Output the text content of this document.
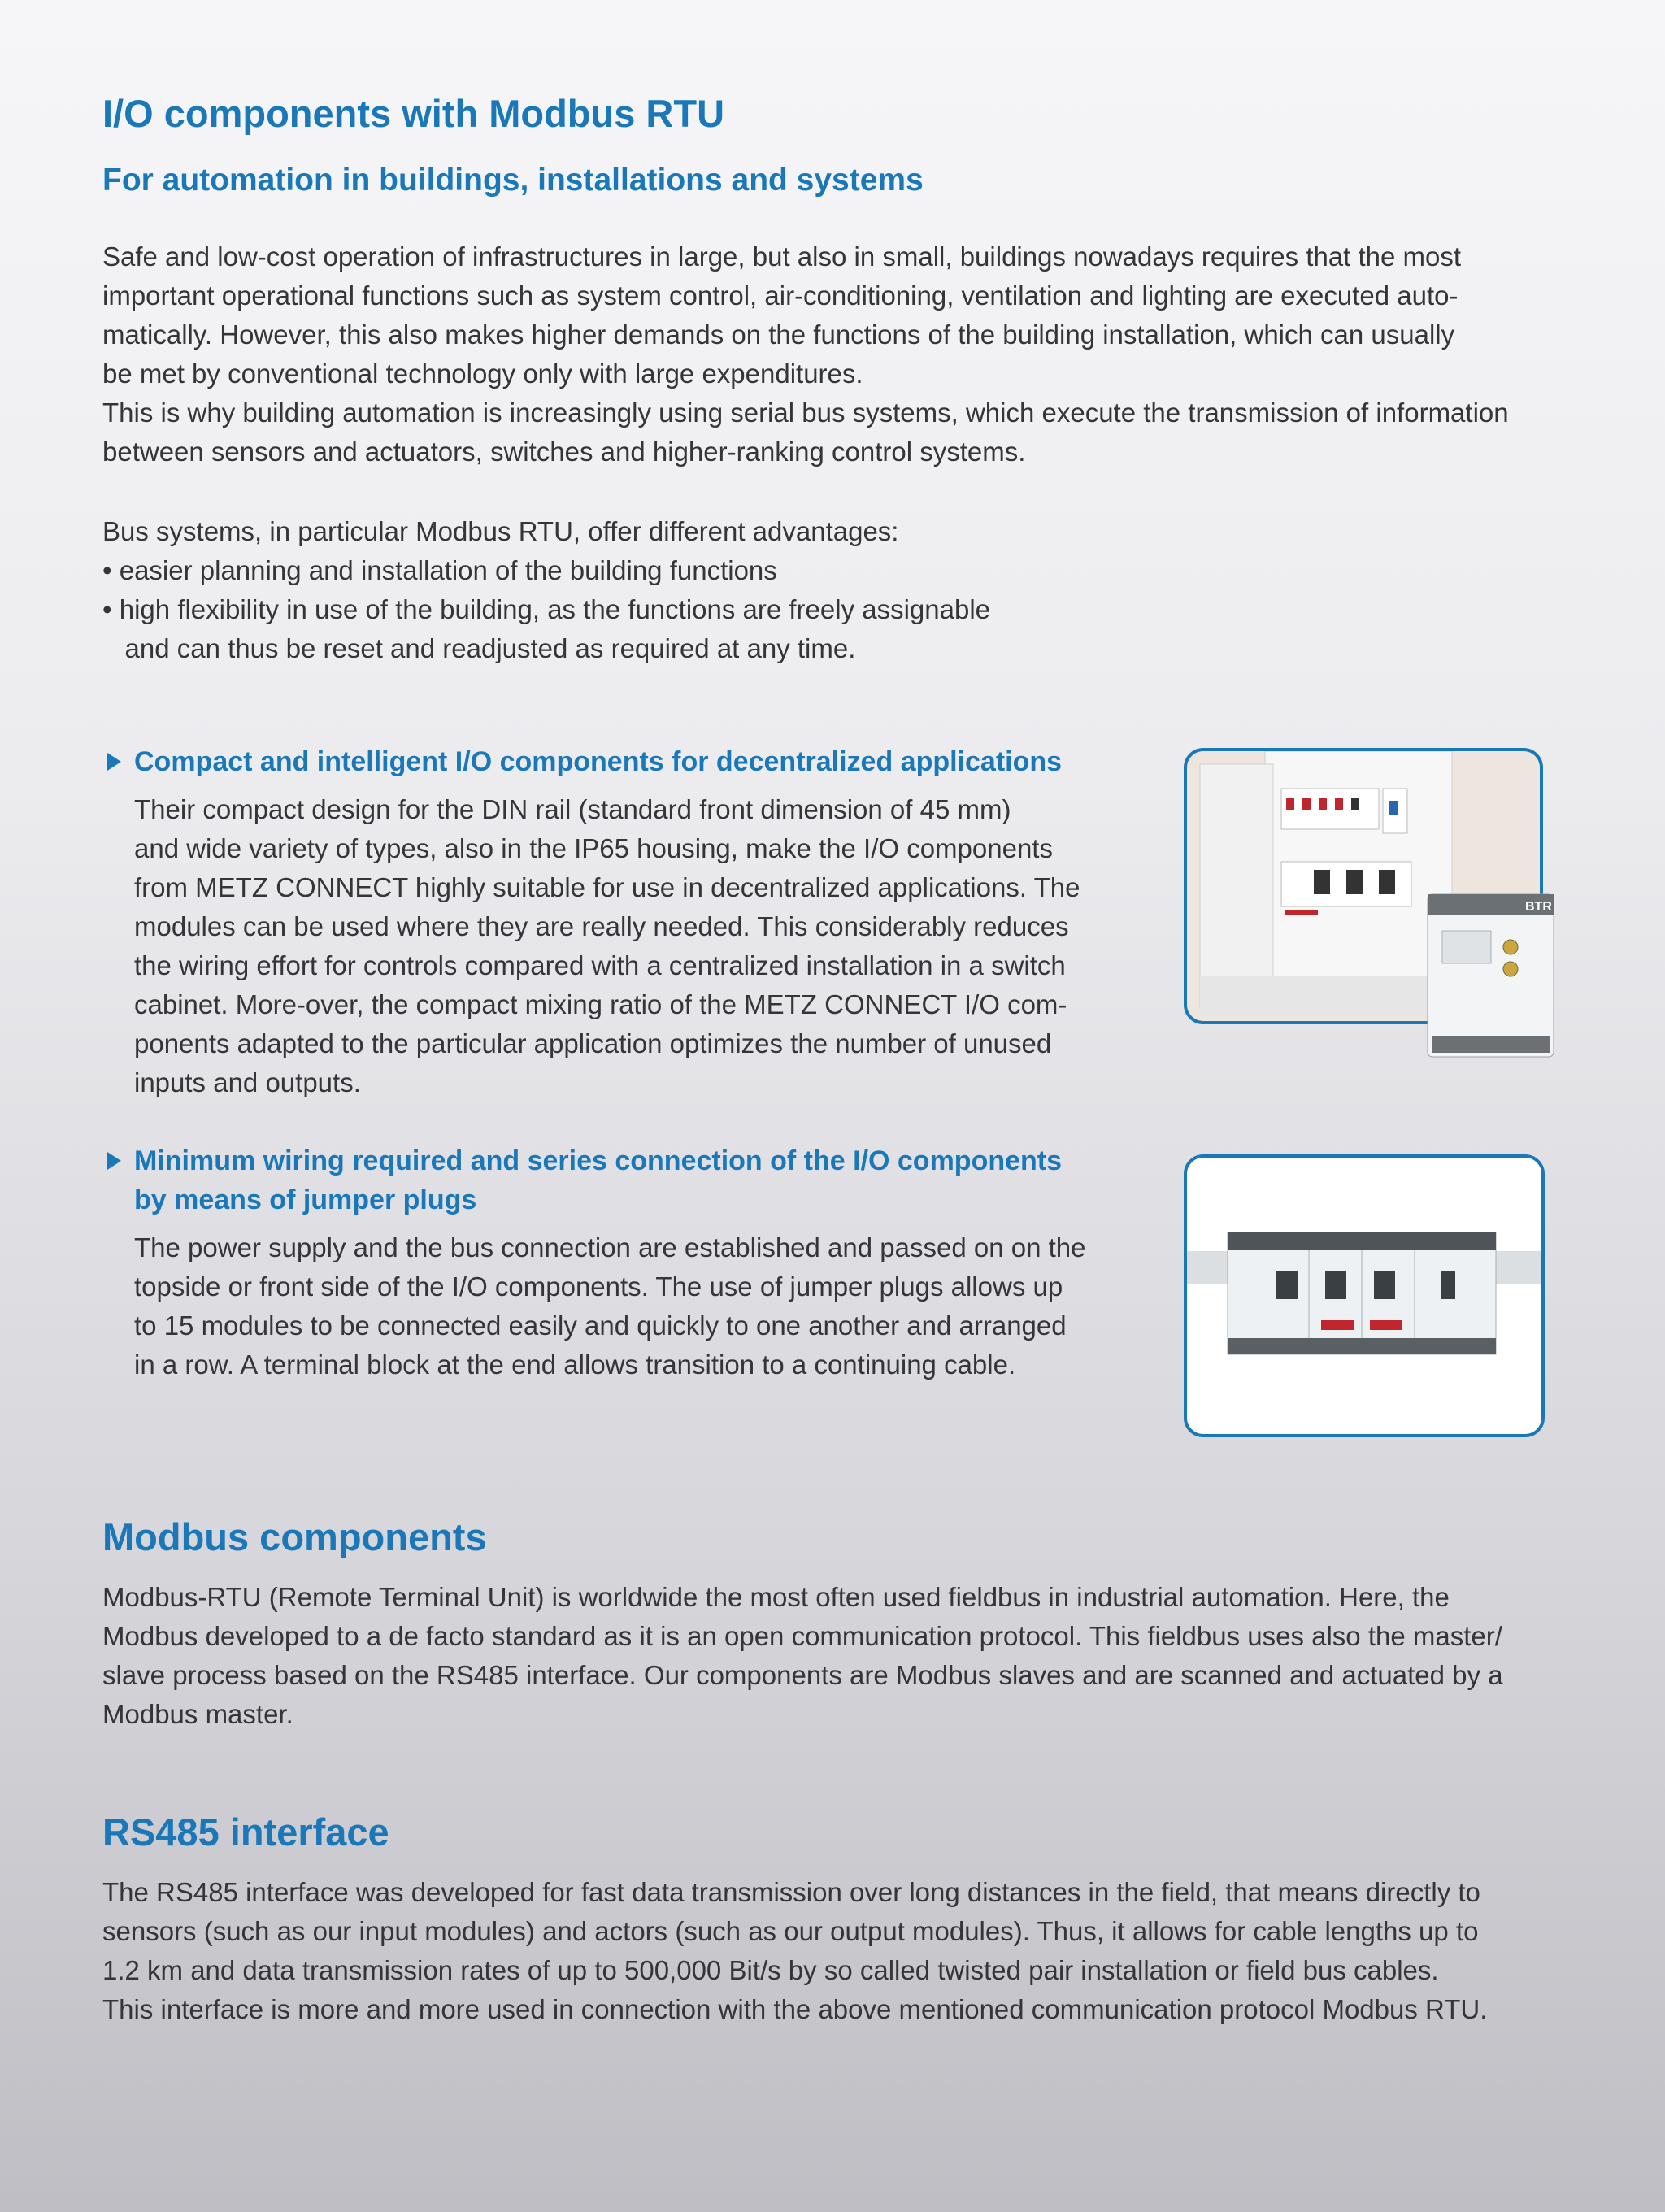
I/O components with Modbus RTU
For automation in buildings, installations and systems
Safe and low-cost operation of infrastructures in large, but also in small, buildings nowadays requires that the most
important operational functions such as system control, air-conditioning, ventilation and lighting are executed auto-
matically. However, this also makes higher demands on the functions of the building installation, which can usually
be met by conventional technology only with large expenditures.
This is why building automation is increasingly using serial bus systems, which execute the transmission of information
between sensors and actuators, switches and higher-ranking control systems.
Bus systems, in particular Modbus RTU, offer different advantages:
• easier planning and installation of the building functions
• high flexibility in use of the building, as the functions are freely assignable
and can thus be reset and readjusted as required at any time.
Compact and intelligent I/O components for decentralized applications
Their compact design for the DIN rail (standard front dimension of 45 mm)
and wide variety of types, also in the IP65 housing, make the I/O components
from METZ CONNECT highly suitable for use in decentralized applications. The
modules can be used where they are really needed. This considerably reduces
the wiring effort for controls compared with a centralized installation in a switch
cabinet. More-over, the compact mixing ratio of the METZ CONNECT I/O com-
ponents adapted to the particular application optimizes the number of unused
inputs and outputs.
BTR
Minimum wiring required and series connection of the I/O components
by means of jumper plugs
The power supply and the bus connection are established and passed on on the
topside or front side of the I/O components. The use of jumper plugs allows up
to 15 modules to be connected easily and quickly to one another and arranged
in a row. A terminal block at the end allows transition to a continuing cable.
Modbus components
Modbus-RTU (Remote Terminal Unit) is worldwide the most often used fieldbus in industrial automation. Here, the
Modbus developed to a de facto standard as it is an open communication protocol. This fieldbus uses also the master/
slave process based on the RS485 interface. Our components are Modbus slaves and are scanned and actuated by a
Modbus master.
RS485 interface
The RS485 interface was developed for fast data transmission over long distances in the field, that means directly to
sensors (such as our input modules) and actors (such as our output modules). Thus, it allows for cable lengths up to
1.2 km and data transmission rates of up to 500,000 Bit/s by so called twisted pair installation or field bus cables.
This interface is more and more used in connection with the above mentioned communication protocol Modbus RTU.
